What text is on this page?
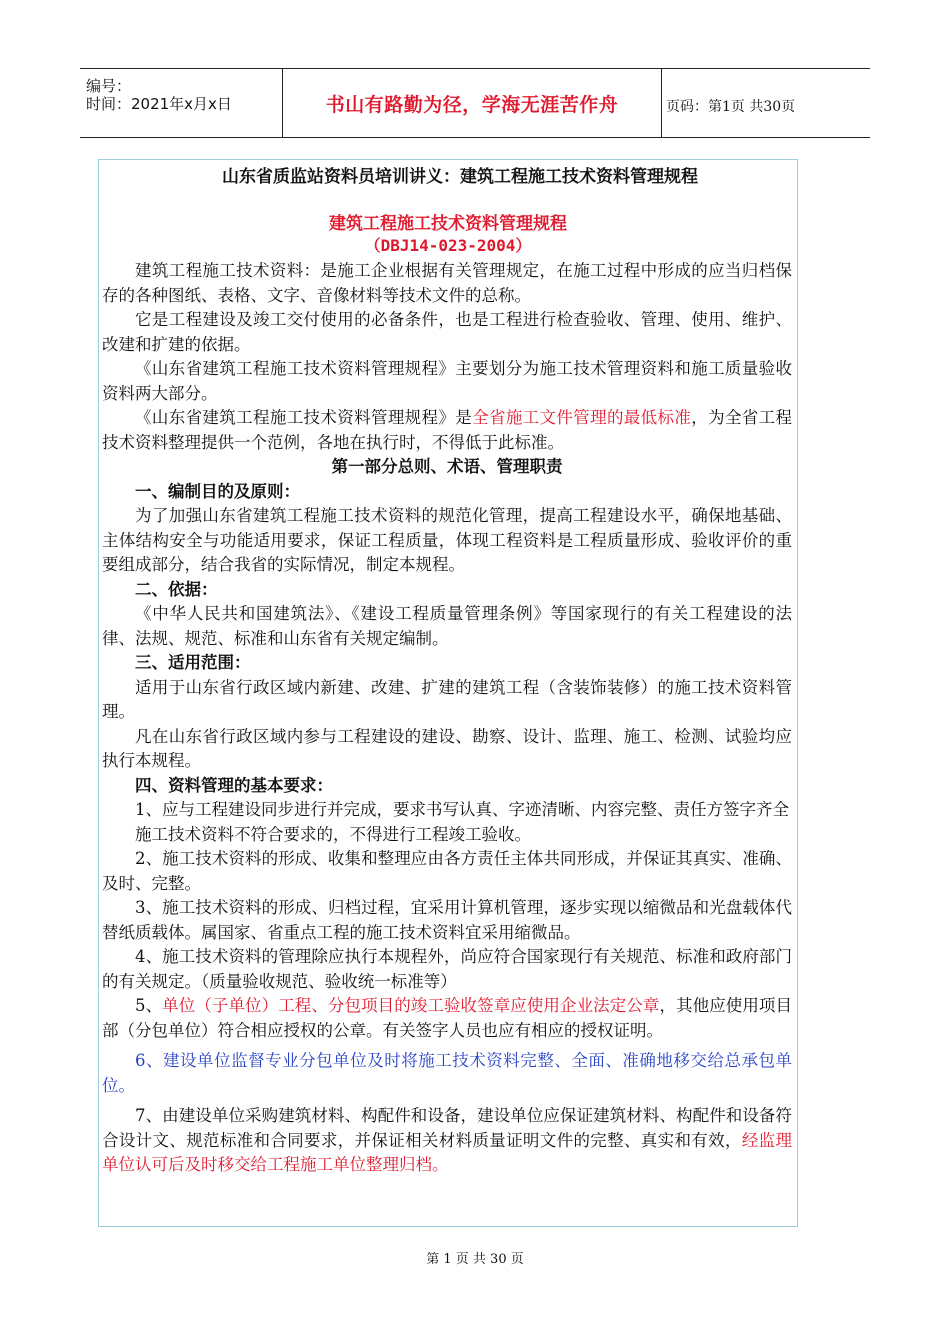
编号：
时间：2021年x月x日	书山有路勤为径，学海无涯苦作舟	页码：第1页 共30页
山东省质监站资料员培训讲义：建筑工程施工技术资料管理规程
建筑工程施工技术资料管理规程
（DBJ14-023-2004）

建筑工程施工技术资料：是施工企业根据有关管理规定，在施工过程中形成的应当归档保存的各种图纸、表格、文字、音像材料等技术文件的总称。

它是工程建设及竣工交付使用的必备条件，也是工程进行检查验收、管理、使用、维护、改建和扩建的依据。

《山东省建筑工程施工技术资料管理规程》主要划分为施工技术管理资料和施工质量验收资料两大部分。

《山东省建筑工程施工技术资料管理规程》是全省施工文件管理的最低标准，为全省工程技术资料整理提供一个范例，各地在执行时，不得低于此标准。

第一部分总则、术语、管理职责

一、编制目的及原则：

为了加强山东省建筑工程施工技术资料的规范化管理，提高工程建设水平，确保地基础、主体结构安全与功能适用要求，保证工程质量，体现工程资料是工程质量形成、验收评价的重要组成部分，结合我省的实际情况，制定本规程。

二、依据：

《中华人民共和国建筑法》、《建设工程质量管理条例》等国家现行的有关工程建设的法律、法规、规范、标准和山东省有关规定编制。

三、适用范围：

适用于山东省行政区域内新建、改建、扩建的建筑工程（含装饰装修）的施工技术资料管理。

凡在山东省行政区域内参与工程建设的建设、勘察、设计、监理、施工、检测、试验均应执行本规程。

四、资料管理的基本要求：

1、应与工程建设同步进行并完成，要求书写认真、字迹清晰、内容完整、责任方签字齐全

施工技术资料不符合要求的，不得进行工程竣工验收。

2、施工技术资料的形成、收集和整理应由各方责任主体共同形成，并保证其真实、准确、及时、完整。

3、施工技术资料的形成、归档过程，宜采用计算机管理，逐步实现以缩微品和光盘载体代替纸质载体。属国家、省重点工程的施工技术资料宜采用缩微品。

4、施工技术资料的管理除应执行本规程外，尚应符合国家现行有关规范、标准和政府部门的有关规定。（质量验收规范、验收统一标准等）

5、单位（子单位）工程、分包项目的竣工验收签章应使用企业法定公章，其他应使用项目部（分包单位）符合相应授权的公章。有关签字人员也应有相应的授权证明。

6、建设单位监督专业分包单位及时将施工技术资料完整、全面、准确地移交给总承包单位。

7、由建设单位采购建筑材料、构配件和设备，建设单位应保证建筑材料、构配件和设备符合设计文、规范标准和合同要求，并保证相关材料质量证明文件的完整、真实和有效，经监理单位认可后及时移交给工程施工单位整理归档。

第 1 页 共 30 页
